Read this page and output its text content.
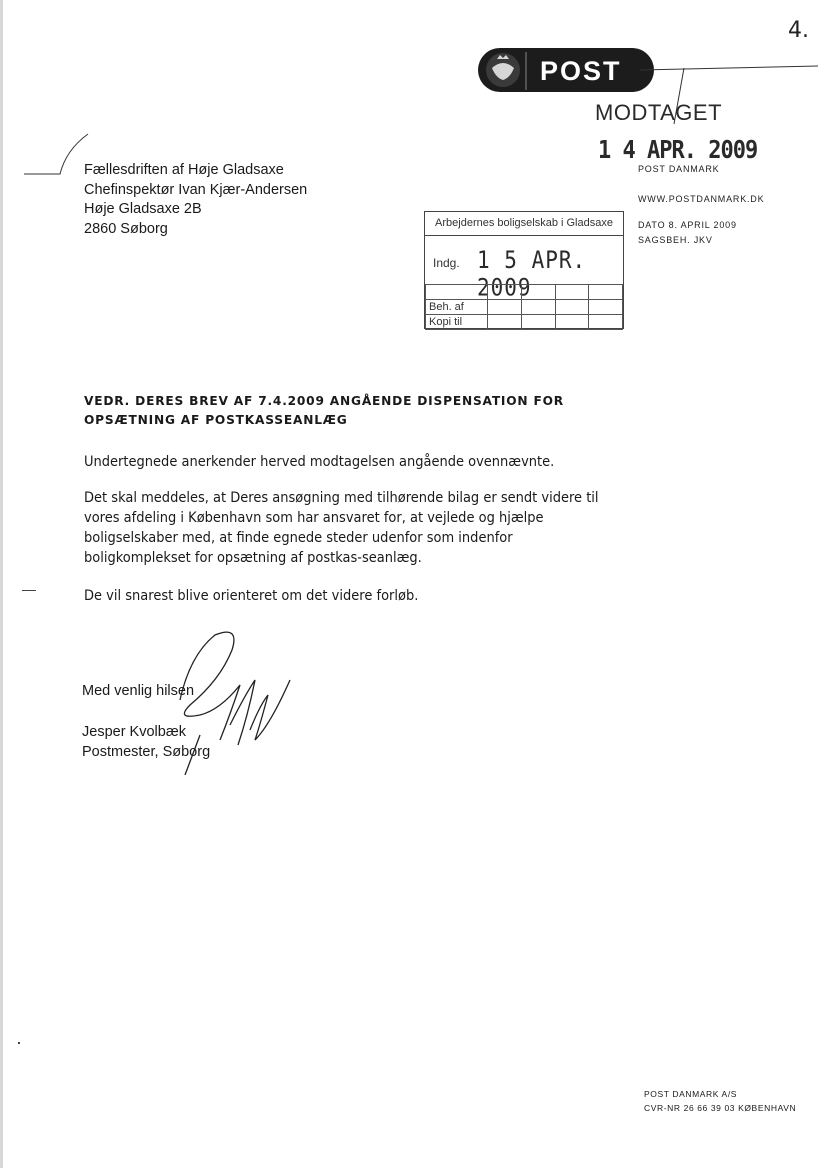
4.
POST
MODTAGET
1 4 APR. 2009
POST DANMARK
WWW.POSTDANMARK.DK
DATO 8. APRIL 2009
SAGSBEH. JKV
Fællesdriften af Høje Gladsaxe
Chefinspektør Ivan Kjær-Andersen
Høje Gladsaxe 2B
2860 Søborg	Arbejdernes boligselskab i Gladsaxe
Indg. 1 5 APR. 2009

Beh. af				
Kopi til				
VEDR. DERES BREV AF 7.4.2009 ANGÅENDE DISPENSATION FOR OPSÆTNING AF POSTKASSEANLÆG
Undertegnede anerkender herved modtagelsen angående ovennævnte.
Det skal meddeles, at Deres ansøgning med tilhørende bilag er sendt videre til vores afdeling i København som har ansvaret for, at vejlede og hjælpe boligselskaber med, at finde egnede steder udenfor som indenfor boligkomplekset for opsætning af postkas-seanlæg.
De vil snarest blive orienteret om det videre forløb.
Med venlig hilsen
Jesper Kvolbæk
Postmester, Søborg
POST DANMARK A/S
CVR-NR 26 66 39 03 KØBENHAVN
